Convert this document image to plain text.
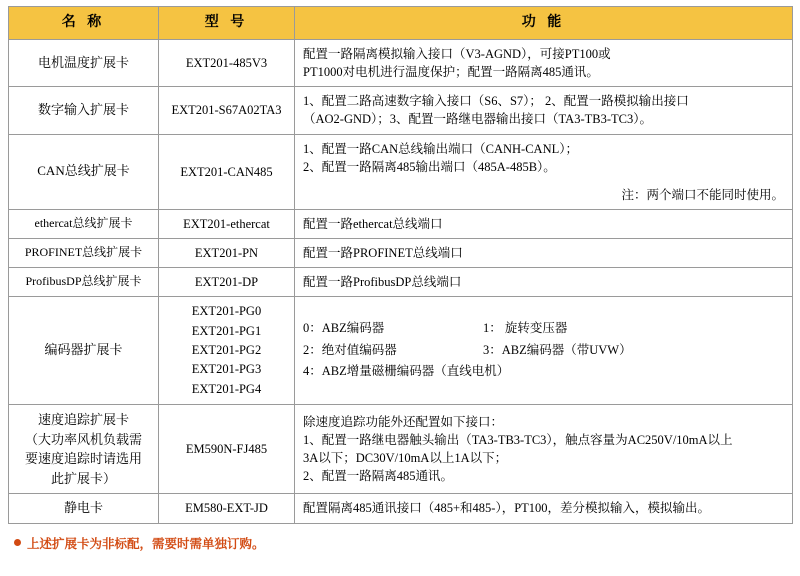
名 称	型 号	功 能
电机温度扩展卡	EXT201-485V3	配置一路隔离模拟输入接口（V3-AGND），可接PT100或
PT1000对电机进行温度保护；配置一路隔离485通讯。

数字输入扩展卡	EXT201-S67A02TA3	1、配置二路高速数字输入接口（S6、S7）； 2、配置一路模拟输出接口
（AO2-GND）；3、配置一路继电器输出接口（TA3-TB3-TC3）。

CAN总线扩展卡	EXT201-CAN485	1、配置一路CAN总线输出端口（CANH-CANL）；
2、配置一路隔离485输出端口（485A-485B）。
注：两个端口不能同时使用。

ethercat总线扩展卡	EXT201-ethercat	配置一路ethercat总线端口
PROFINET总线扩展卡	EXT201-PN	配置一路PROFINET总线端口
ProfibusDP总线扩展卡	EXT201-DP	配置一路ProfibusDP总线端口
编码器扩展卡	EXT201-PG0
EXT201-PG1
EXT201-PG2
EXT201-PG3
EXT201-PG4	0：ABZ编码器 1： 旋转变压器
2：绝对值编码器 3：ABZ编码器（带UVW）
4：ABZ增量磁栅编码器（直线电机）

速度追踪扩展卡
（大功率风机负载需
要速度追踪时请选用
此扩展卡）	EM590N-FJ485	除速度追踪功能外还配置如下接口：
1、配置一路继电器触头输出（TA3-TB3-TC3），触点容量为AC250V/10mA以上
3A以下；DC30V/10mA以上1A以下；
2、配置一路隔离485通讯。

静电卡	EM580-EXT-JD	配置隔离485通讯接口（485+和485-），PT100，差分模拟输入，模拟输出。
上述扩展卡为非标配，需要时需单独订购。
